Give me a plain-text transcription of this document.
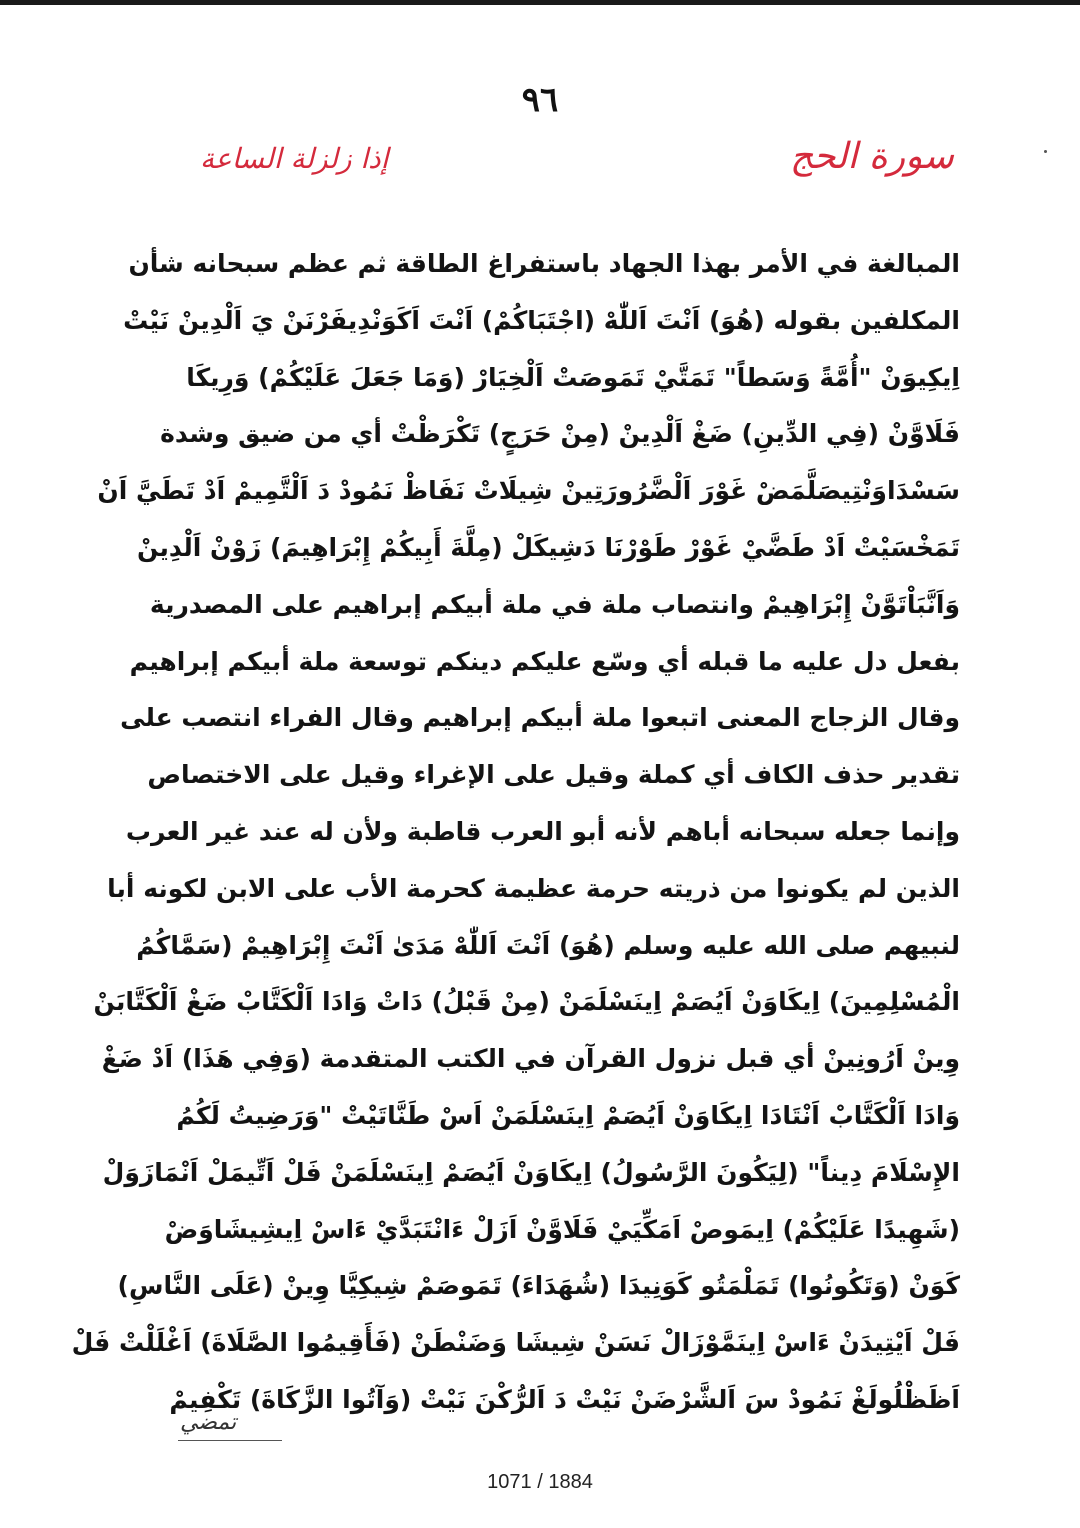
٩٦
سورة الحج
إذا زلزلة الساعة
المبالغة في الأمر بهذا الجهاد باستفراغ الطاقة ثم عظم سبحانه شأن
المكلفين بقوله (هُوَ) اَنْتَ اَللّٰهْ (اجْتَبَاكُمْ) اَنْتَ اَكَوَنْدِيفَرْنَنْ يَ اَلْدِينْ نَيْتْ
اِيكِيوَنْ "أُمَّةً وَسَطاً" تَمَتَّيْ تَمَوصَتْ اَلْخِيَارْ (وَمَا جَعَلَ عَلَيْكُمْ) وَرِيكَا
فَلَاوَّنْ (فِي الدِّينِ) ضَغْ اَلْدِينْ (مِنْ حَرَجٍ) تَكْرَظْتْ أي من ضيق وشدة
سَسْدَاوَنْتِيصَلَّمَضْ غَوْرَ اَلْضَّرُورَتِينْ شِيلَاتْ نَفَاظْ نَمُودْ دَ اَلْتَّمِيمْ اَدْ تَطَيَّ اَنْ
تَمَخْسَيْتْ اَدْ طَضَّيْ غَوْرْ طَوْرْنَا دَشِيكَلْ (مِلَّةَ أَبِيكُمْ إِبْرَاهِيمَ) زَوْنْ اَلْدِينْ
وَاَنَّبَاْتَوَّنْ إِبْرَاهِيمْ وانتصاب ملة في ملة أبيكم إبراهيم على المصدرية
بفعل دل عليه ما قبله أي وسّع عليكم دينكم توسعة ملة أبيكم إبراهيم
وقال الزجاج المعنى اتبعوا ملة أبيكم إبراهيم وقال الفراء انتصب على
تقدير حذف الكاف أي كملة وقيل على الإغراء وقيل على الاختصاص
وإنما جعله سبحانه أباهم لأنه أبو العرب قاطبة ولأن له عند غير العرب
الذين لم يكونوا من ذريته حرمة عظيمة كحرمة الأب على الابن لكونه أبا
لنبيهم صلى الله عليه وسلم (هُوَ) اَنْتَ اَللّٰهْ مَدَىٰ اَنْتَ إِبْرَاهِيمْ (سَمَّاكُمُ
الْمُسْلِمِينَ) اِيكَاوَنْ اَيُصَمْ اِينَسْلَمَنْ (مِنْ قَبْلُ) دَاتْ وَادَا اَلْكَتَّابْ ضَغْ اَلْكَتَّابَنْ
وِينْ اَرُونِينْ أي قبل نزول القرآن في الكتب المتقدمة (وَفِي هَذَا) اَدْ ضَغْ
وَادَا اَلْكَتَّابْ اَنْتَادَا اِيكَاوَنْ اَيُصَمْ اِينَسْلَمَنْ اَسْ طَنَّاتَيْتْ "وَرَضِيتُ لَكُمُ
الإِسْلَامَ دِيناً" (لِيَكُونَ الرَّسُولُ) اِيكَاوَنْ اَيُصَمْ اِينَسْلَمَنْ فَلْ اَتِّيمَلْ اَنْمَازَوَلْ
(شَهِيدًا عَلَيْكُمْ) اِيمَوصْ اَمَكِّيَيْ فَلَاوَّنْ اَزَلْ ءَانْتَبَدَّيْ ءَاسْ اِيشِيشَاوَضْ
كَوَنْ (وَتَكُونُوا) تَمَلْمَتُو كَوَنِيدَا (شُهَدَاءَ) تَمَوصَمْ شِيكِيَّا وِينْ (عَلَى النَّاسِ)
فَلْ اَيْتِيدَنْ ءَاسْ اِينَمَّوْزَالْ نَسَنْ شِيشَا وَضَنْطَنْ (فَأَقِيمُوا الصَّلَاةَ) اَغْلَلْتْ فَلْ
اَظَظْلُولَغْ نَمُودْ سَ اَلشَّرْضَنْ نَيْتْ دَ اَلرُّكْنَ نَيْتْ (وَآتُوا الزَّكَاةَ) تَكْفِيمْ
تمضي
1071 / 1884
